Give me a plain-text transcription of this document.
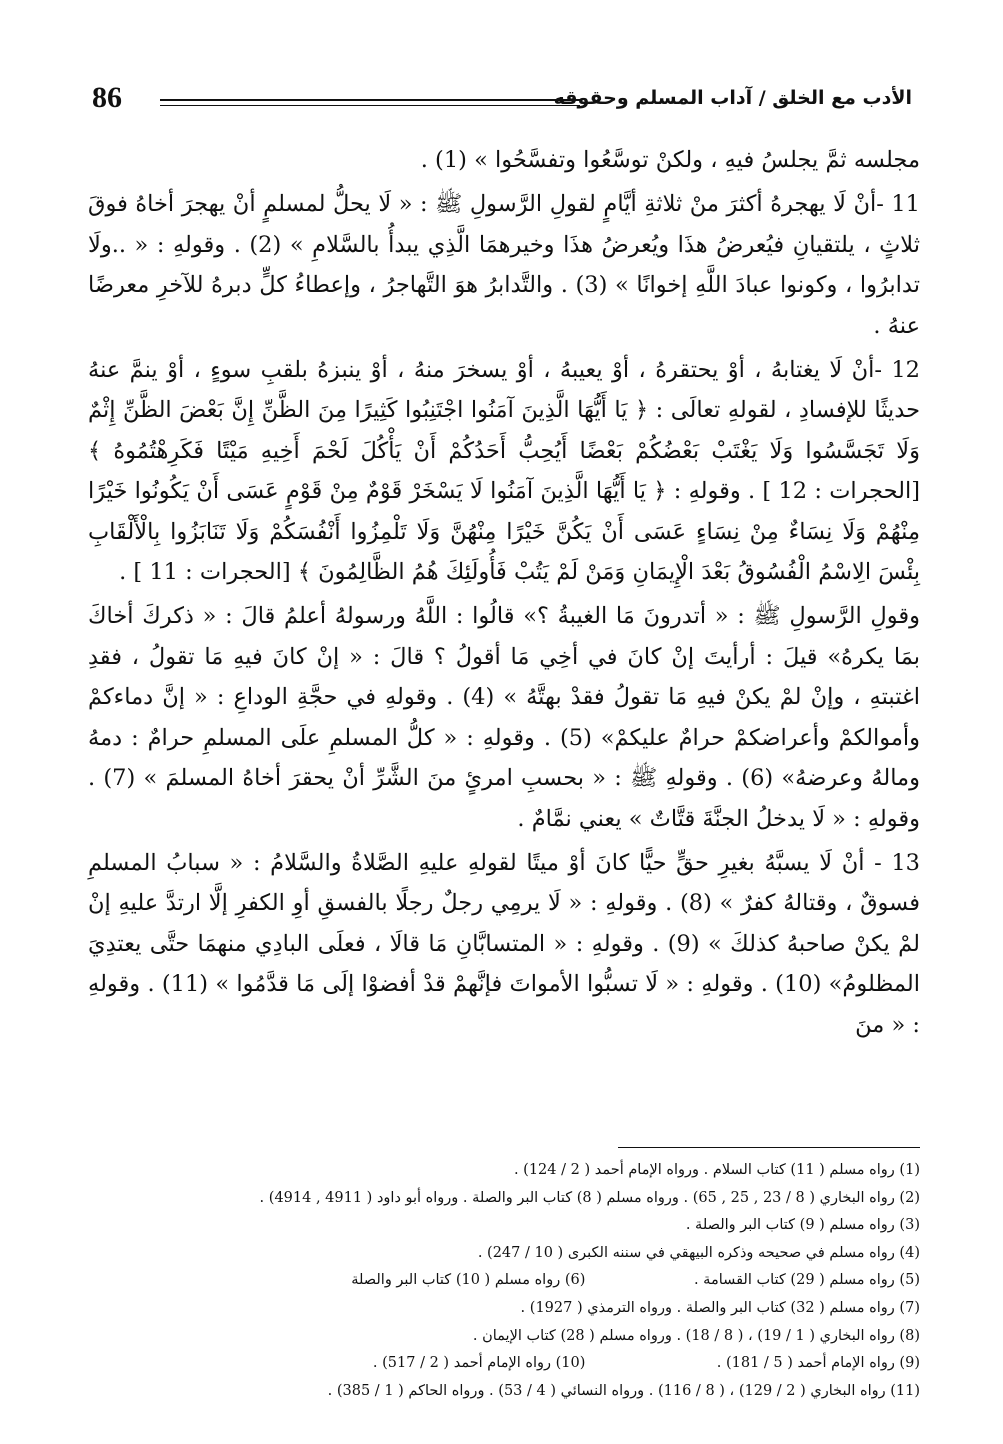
86	الأدب مع الخلق / آداب المسلم وحقوقه

مجلسه ثمَّ يجلسُ فيهِ ، ولكنْ توسَّعُوا وتفسَّحُوا » (1) .

11 -أنْ لَا يهجرهُ أكثرَ منْ ثلاثةِ أيَّامٍ لقولِ الرَّسولِ ﷺ : « لَا يحلُّ لمسلمٍ أنْ يهجرَ أخاهُ فوقَ ثلاثٍ ، يلتقيانِ فيُعرضُ هذَا ويُعرضُ هذَا وخيرهمَا الَّذِي يبدأُ بالسَّلامِ » (2) . وقولهِ : « ..ولَا تدابرُوا ، وكونوا عبادَ اللَّهِ إخوانًا » (3) . والتَّدابرُ هوَ التَّهاجرُ ، وإعطاءُ كلٍّ دبرهُ للآخرِ معرضًا عنهُ .

12 -أنْ لَا يغتابهُ ، أوْ يحتقرهُ ، أوْ يعيبهُ ، أوْ يسخرَ منهُ ، أوْ ينبزهُ بلقبِ سوءٍ ، أوْ ينمَّ عنهُ حديثًا للإفسادِ ، لقولهِ تعالَى : ﴿ يَا أَيُّهَا الَّذِينَ آمَنُوا اجْتَنِبُوا كَثِيرًا مِنَ الظَّنِّ إِنَّ بَعْضَ الظَّنِّ إِثْمٌ وَلَا تَجَسَّسُوا وَلَا يَغْتَبْ بَعْضُكُمْ بَعْضًا أَيُحِبُّ أَحَدُكُمْ أَنْ يَأْكُلَ لَحْمَ أَخِيهِ مَيْتًا فَكَرِهْتُمُوهُ ﴾ [الحجرات : 12 ] . وقولهِ : ﴿ يَا أَيُّهَا الَّذِينَ آمَنُوا لَا يَسْخَرْ قَوْمٌ مِنْ قَوْمٍ عَسَى أَنْ يَكُونُوا خَيْرًا مِنْهُمْ وَلَا نِسَاءٌ مِنْ نِسَاءٍ عَسَى أَنْ يَكُنَّ خَيْرًا مِنْهُنَّ وَلَا تَلْمِزُوا أَنْفُسَكُمْ وَلَا تَنَابَزُوا بِالْأَلْقَابِ بِئْسَ الِاسْمُ الْفُسُوقُ بَعْدَ الْإِيمَانِ وَمَنْ لَمْ يَتُبْ فَأُولَئِكَ هُمُ الظَّالِمُونَ ﴾ [الحجرات : 11 ] .

وقولِ الرَّسولِ ﷺ : « أتدرونَ مَا الغيبةُ ؟» قالُوا : اللَّهُ ورسولهُ أعلمُ قالَ : « ذكركَ أخاكَ بمَا يكرهُ» قيلَ : أرأيتَ إنْ كانَ في أخِي مَا أقولُ ؟ قالَ : « إنْ كانَ فيهِ مَا تقولُ ، فقدِ اغتبتهِ ، وإنْ لمْ يكنْ فيهِ مَا تقولُ فقدْ بهتَّهُ » (4) . وقولهِ في حجَّةِ الوداعِ : « إنَّ دماءكمْ وأموالكمْ وأعراضكمْ حرامٌ عليكمْ» (5) . وقولهِ : « كلُّ المسلمِ علَى المسلمِ حرامٌ : دمهُ ومالهُ وعرضهُ» (6) . وقولهِ ﷺ : « بحسبِ امرئٍ منَ الشَّرِّ أنْ يحقرَ أخاهُ المسلمَ » (7) . وقولهِ : « لَا يدخلُ الجنَّةَ قتَّاتٌ » يعني نمَّامٌ .

13 - أنْ لَا يسبَّهُ بغيرِ حقٍّ حيًّا كانَ أوْ ميتًا لقولهِ عليهِ الصَّلاةُ والسَّلامُ : « سبابُ المسلمِ فسوقٌ ، وقتالهُ كفرٌ » (8) . وقولهِ : « لَا يرمِي رجلٌ رجلًا بالفسقِ أوِ الكفرِ إلَّا ارتدَّ عليهِ إنْ لمْ يكنْ صاحبهُ كذلكَ » (9) . وقولهِ : « المتسابَّانِ مَا قالَا ، فعلَى البادِي منهمَا حتَّى يعتدِيَ المظلومُ» (10) . وقولهِ : « لَا تسبُّوا الأمواتَ فإنَّهمْ قدْ أفضوْا إلَى مَا قدَّمُوا » (11) . وقولهِ : « منَ

(1) رواه مسلم ( 11) كتاب السلام . ورواه الإمام أحمد ( 2 / 124) .
(2) رواه البخاري ( 8 / 23 , 25 , 65) . ورواه مسلم ( 8) كتاب البر والصلة . ورواه أبو داود ( 4911 , 4914) .
(3) رواه مسلم ( 9) كتاب البر والصلة .
(4) رواه مسلم في صحيحه وذكره البيهقي في سننه الكبرى ( 10 / 247) .
(5) رواه مسلم ( 29) كتاب القسامة . (6) رواه مسلم ( 10) كتاب البر والصلة
(7) رواه مسلم ( 32) كتاب البر والصلة . ورواه الترمذي ( 1927) .
(8) رواه البخاري ( 1 / 19) ، ( 8 / 18) . ورواه مسلم ( 28) كتاب الإيمان .
(9) رواه الإمام أحمد ( 5 / 181) . (10) رواه الإمام أحمد ( 2 / 517) .
(11) رواه البخاري ( 2 / 129) ، ( 8 / 116) . ورواه النسائي ( 4 / 53) . ورواه الحاكم ( 1 / 385) .
